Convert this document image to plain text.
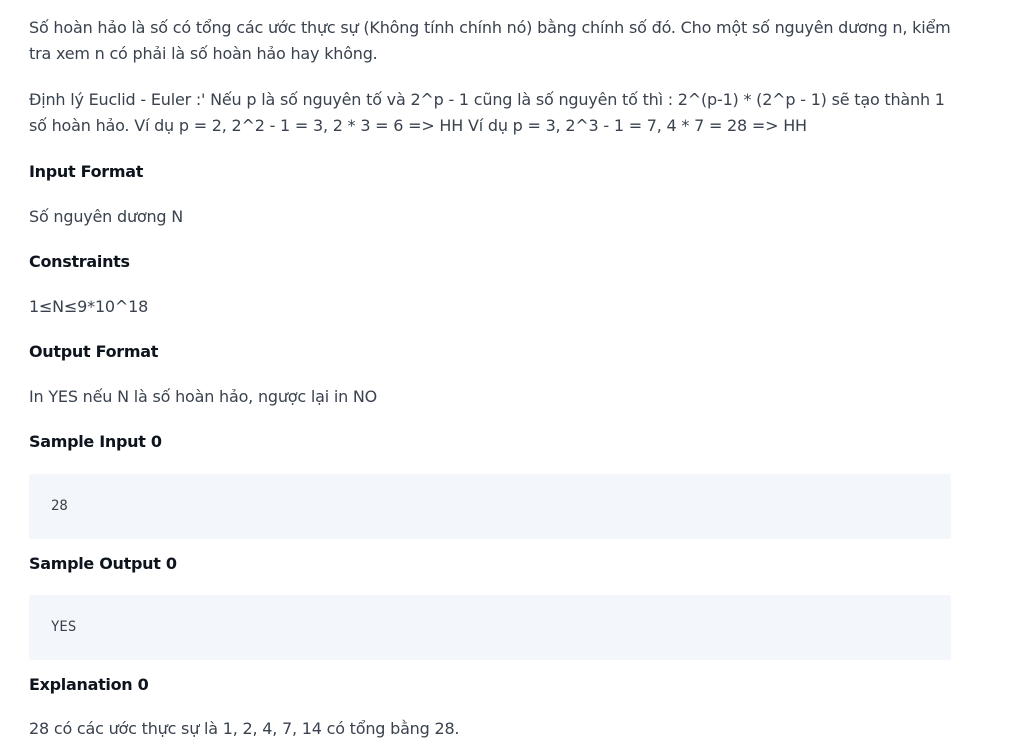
Số hoàn hảo là số có tổng các ước thực sự (Không tính chính nó) bằng chính số đó. Cho một số nguyên dương n, kiểm tra xem n có phải là số hoàn hảo hay không.

Định lý Euclid - Euler :' Nếu p là số nguyên tố và 2^p - 1 cũng là số nguyên tố thì : 2^(p-1) * (2^p - 1) sẽ tạo thành 1 số hoàn hảo. Ví dụ p = 2, 2^2 - 1 = 3, 2 * 3 = 6 => HH Ví dụ p = 3, 2^3 - 1 = 7, 4 * 7 = 28 => HH

Input Format

Số nguyên dương N

Constraints

1≤N≤9*10^18

Output Format

In YES nếu N là số hoàn hảo, ngược lại in NO

Sample Input 0
28
Sample Output 0
YES
Explanation 0

28 có các ước thực sự là 1, 2, 4, 7, 14 có tổng bằng 28.
